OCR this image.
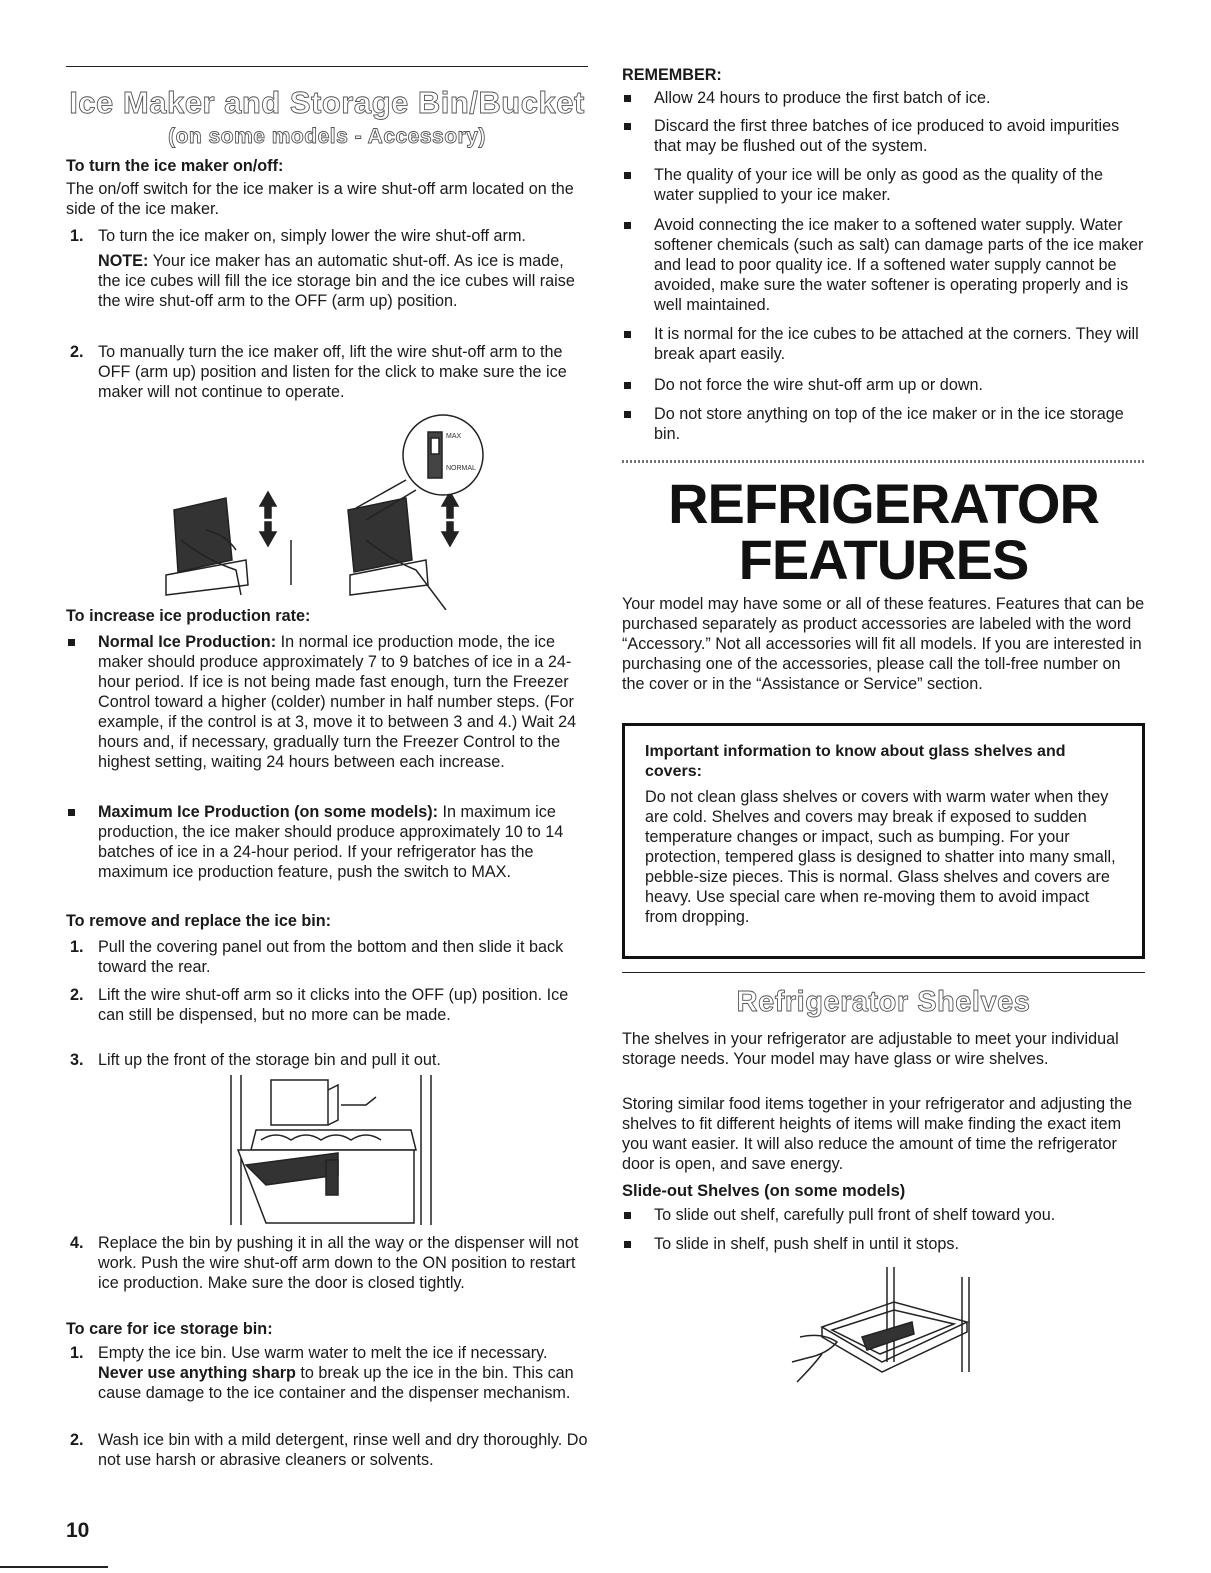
Ice Maker and Storage Bin/Bucket
(on some models - Accessory)

To turn the ice maker on/off:

The on/off switch for the ice maker is a wire shut-off arm located on the side of the ice maker.

1. To turn the ice maker on, simply lower the wire shut-off arm.
NOTE: Your ice maker has an automatic shut-off. As ice is made, the ice cubes will fill the ice storage bin and the ice cubes will raise the wire shut-off arm to the OFF (arm up) position.
2. To manually turn the ice maker off, lift the wire shut-off arm to the OFF (arm up) position and listen for the click to make sure the ice maker will not continue to operate.
MAX
NORMAL

To increase ice production rate:

Normal Ice Production: In normal ice production mode, the ice maker should produce approximately 7 to 9 batches of ice in a 24-hour period. If ice is not being made fast enough, turn the Freezer Control toward a higher (colder) number in half number steps. (For example, if the control is at 3, move it to between 3 and 4.) Wait 24 hours and, if necessary, gradually turn the Freezer Control to the highest setting, waiting 24 hours between each increase.
Maximum Ice Production (on some models): In maximum ice production, the ice maker should produce approximately 10 to 14 batches of ice in a 24-hour period. If your refrigerator has the maximum ice production feature, push the switch to MAX.

To remove and replace the ice bin:

1. Pull the covering panel out from the bottom and then slide it back toward the rear.
2. Lift the wire shut-off arm so it clicks into the OFF (up) position. Ice can still be dispensed, but no more can be made.
3. Lift up the front of the storage bin and pull it out.
4. Replace the bin by pushing it in all the way or the dispenser will not work. Push the wire shut-off arm down to the ON position to restart ice production. Make sure the door is closed tightly.

To care for ice storage bin:

1. Empty the ice bin. Use warm water to melt the ice if necessary. Never use anything sharp to break up the ice in the bin. This can cause damage to the ice container and the dispenser mechanism.
2. Wash ice bin with a mild detergent, rinse well and dry thoroughly. Do not use harsh or abrasive cleaners or solvents.

10

REMEMBER:

Allow 24 hours to produce the first batch of ice.
Discard the first three batches of ice produced to avoid impurities that may be flushed out of the system.
The quality of your ice will be only as good as the quality of the water supplied to your ice maker.
Avoid connecting the ice maker to a softened water supply. Water softener chemicals (such as salt) can damage parts of the ice maker and lead to poor quality ice. If a softened water supply cannot be avoided, make sure the water softener is operating properly and is well maintained.
It is normal for the ice cubes to be attached at the corners. They will break apart easily.
Do not force the wire shut-off arm up or down.
Do not store anything on top of the ice maker or in the ice storage bin.
REFRIGERATOR
FEATURES

Your model may have some or all of these features. Features that can be purchased separately as product accessories are labeled with the word “Accessory.” Not all accessories will fit all models. If you are interested in purchasing one of the accessories, please call the toll-free number on the cover or in the “Assistance or Service” section.

Important information to know about glass shelves and covers:

Do not clean glass shelves or covers with warm water when they are cold. Shelves and covers may break if exposed to sudden temperature changes or impact, such as bumping. For your protection, tempered glass is designed to shatter into many small, pebble-size pieces. This is normal. Glass shelves and covers are heavy. Use special care when re-moving them to avoid impact from dropping.

Refrigerator Shelves

The shelves in your refrigerator are adjustable to meet your individual storage needs. Your model may have glass or wire shelves.

Storing similar food items together in your refrigerator and adjusting the shelves to fit different heights of items will make finding the exact item you want easier. It will also reduce the amount of time the refrigerator door is open, and save energy.

Slide-out Shelves (on some models)

To slide out shelf, carefully pull front of shelf toward you.
To slide in shelf, push shelf in until it stops.
